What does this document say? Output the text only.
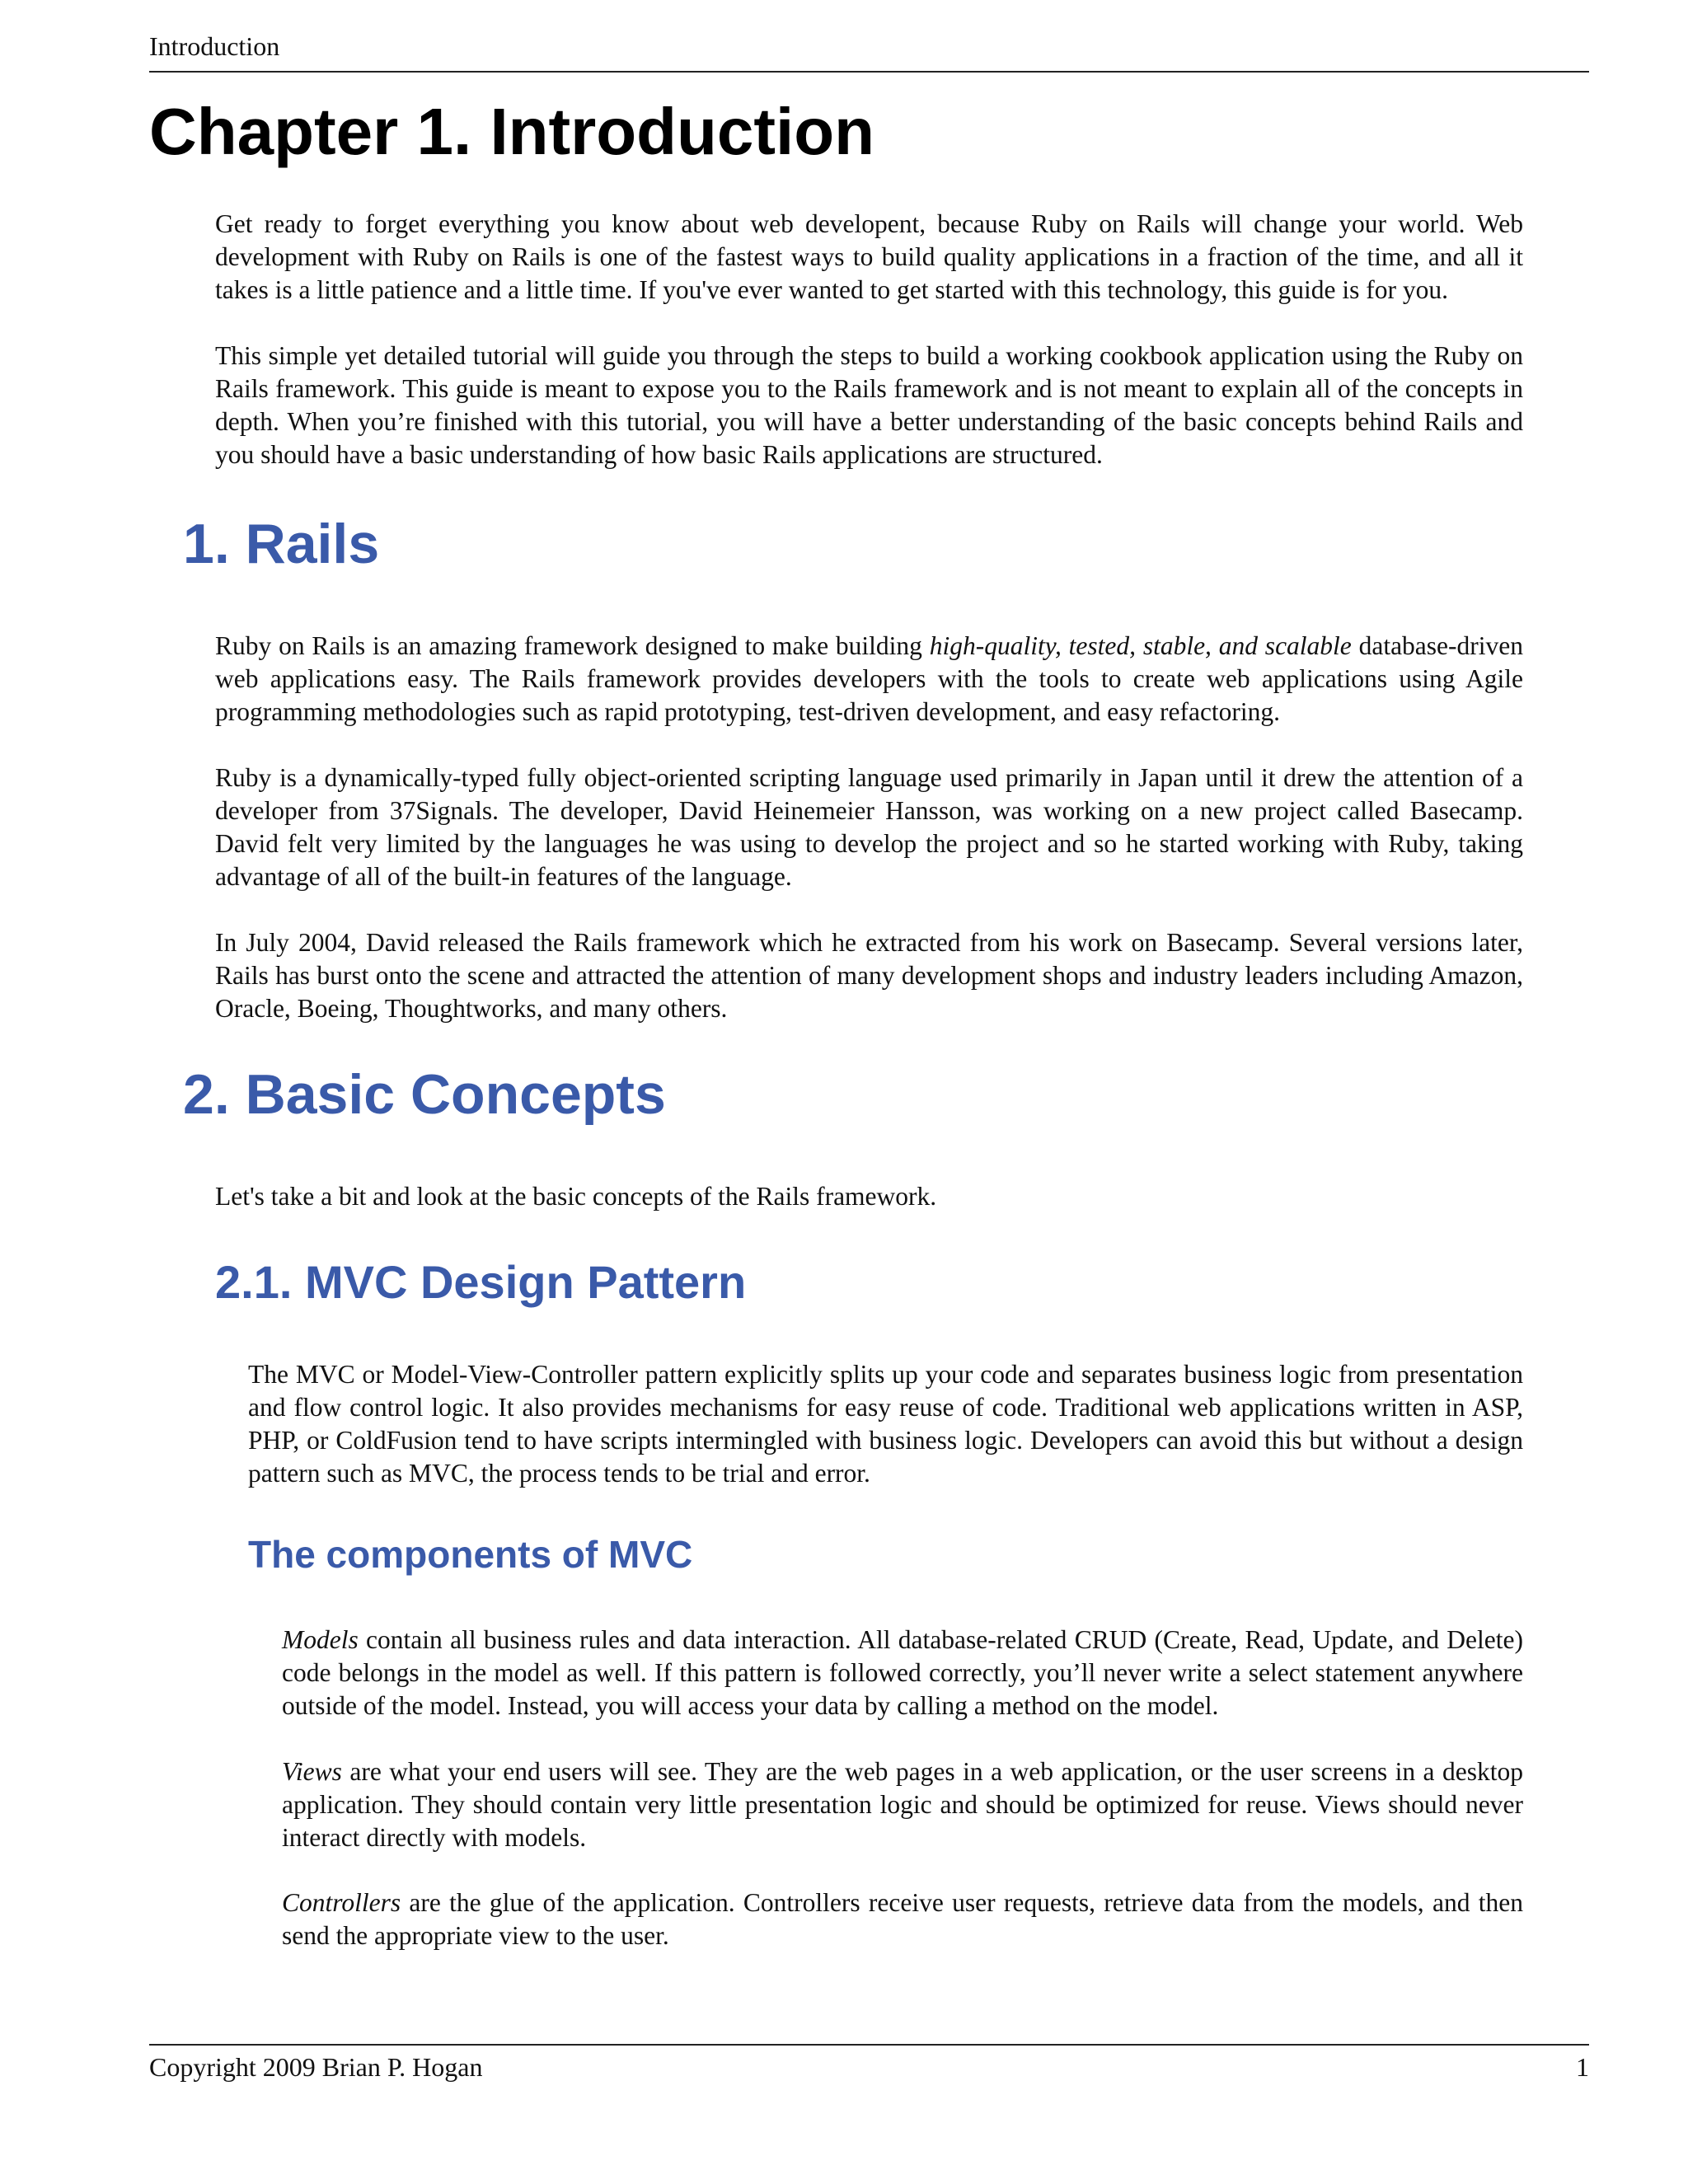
Introduction
Chapter 1. Introduction

Get ready to forget everything you know about web developent, because Ruby on Rails will change your world. Web development with Ruby on Rails is one of the fastest ways to build quality applications in a fraction of the time, and all it takes is a little patience and a little time. If you've ever wanted to get started with this technology, this guide is for you.

This simple yet detailed tutorial will guide you through the steps to build a working cookbook application using the Ruby on Rails framework. This guide is meant to expose you to the Rails framework and is not meant to explain all of the concepts in depth. When you’re finished with this tutorial, you will have a better understanding of the basic concepts behind Rails and you should have a basic understanding of how basic Rails applications are structured.

1. Rails

Ruby on Rails is an amazing framework designed to make building high-quality, tested, stable, and scalable database-driven web applications easy. The Rails framework provides developers with the tools to create web applications using Agile programming methodologies such as rapid prototyping, test-driven development, and easy refactoring.

Ruby is a dynamically-typed fully object-oriented scripting language used primarily in Japan until it drew the attention of a developer from 37Signals. The developer, David Heinemeier Hansson, was working on a new project called Basecamp. David felt very limited by the languages he was using to develop the project and so he started working with Ruby, taking advantage of all of the built-in features of the language.

In July 2004, David released the Rails framework which he extracted from his work on Basecamp. Several versions later, Rails has burst onto the scene and attracted the attention of many development shops and industry leaders including Amazon, Oracle, Boeing, Thoughtworks, and many others.

2. Basic Concepts

Let's take a bit and look at the basic concepts of the Rails framework.

2.1. MVC Design Pattern

The MVC or Model-View-Controller pattern explicitly splits up your code and separates business logic from presentation and flow control logic. It also provides mechanisms for easy reuse of code. Traditional web applications written in ASP, PHP, or ColdFusion tend to have scripts intermingled with business logic. Developers can avoid this but without a design pattern such as MVC, the process tends to be trial and error.

The components of MVC

Models contain all business rules and data interaction. All database-related CRUD (Create, Read, Update, and Delete) code belongs in the model as well. If this pattern is followed correctly, you’ll never write a select statement anywhere outside of the model. Instead, you will access your data by calling a method on the model.

Views are what your end users will see. They are the web pages in a web application, or the user screens in a desktop application. They should contain very little presentation logic and should be optimized for reuse. Views should never interact directly with models.

Controllers are the glue of the application. Controllers receive user requests, retrieve data from the models, and then send the appropriate view to the user.

Copyright 2009 Brian P. Hogan	1
